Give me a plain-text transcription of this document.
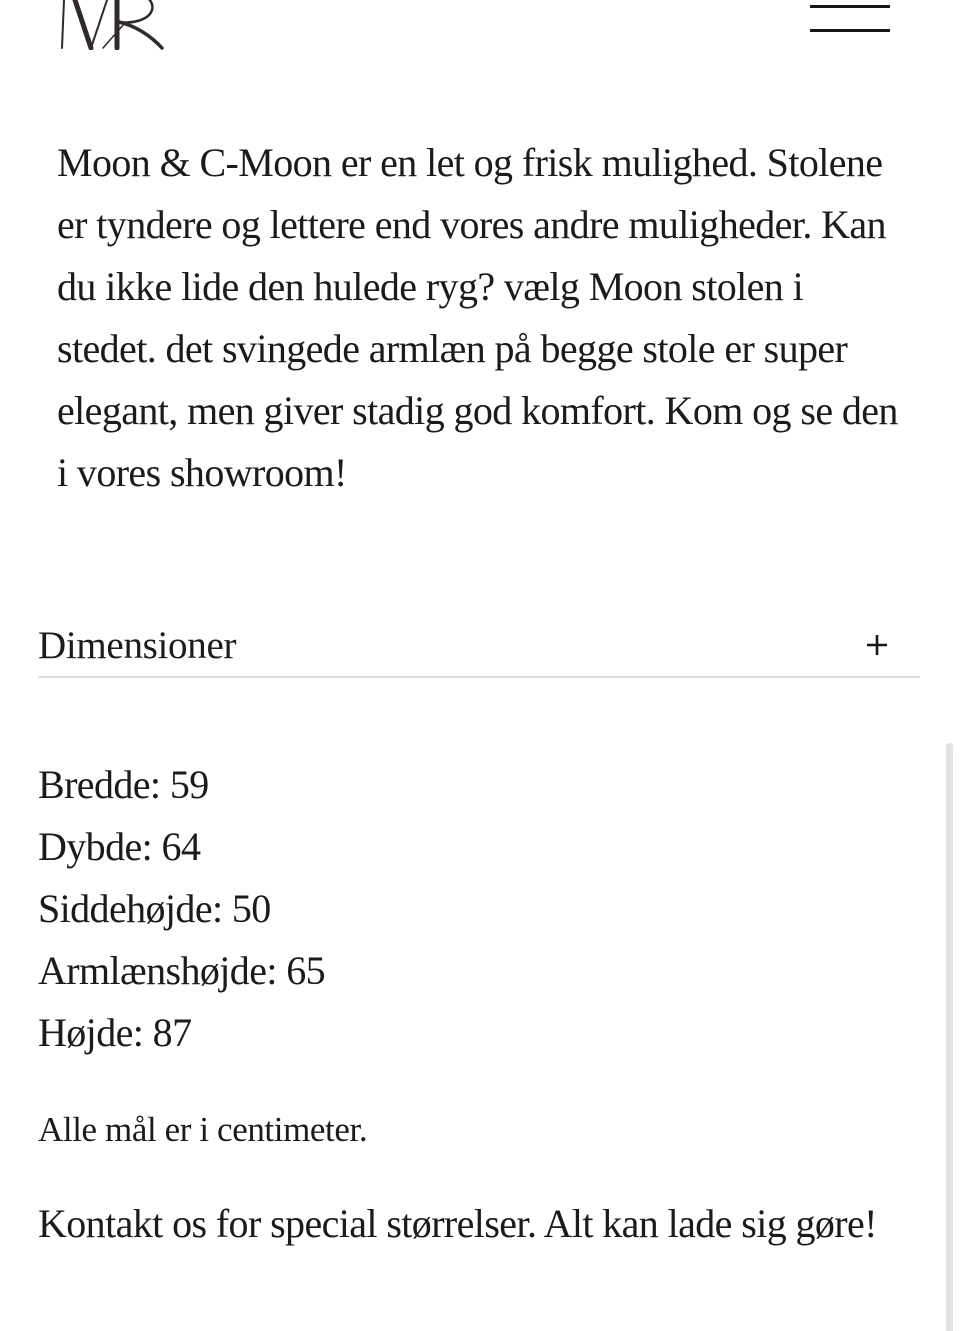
Moon & C-Moon er en let og frisk mulighed. Stolene
er tyndere og lettere end vores andre muligheder. Kan
du ikke lide den hulede ryg? vælg Moon stolen i
stedet. det svingede armlæn på begge stole er super
elegant, men giver stadig god komfort. Kom og se den
i vores showroom!
Dimensioner
Bredde: 59
Dybde: 64
Siddehøjde: 50
Armlænshøjde: 65
Højde: 87
Alle mål er i centimeter.
Kontakt os for special størrelser. Alt kan lade sig gøre!
